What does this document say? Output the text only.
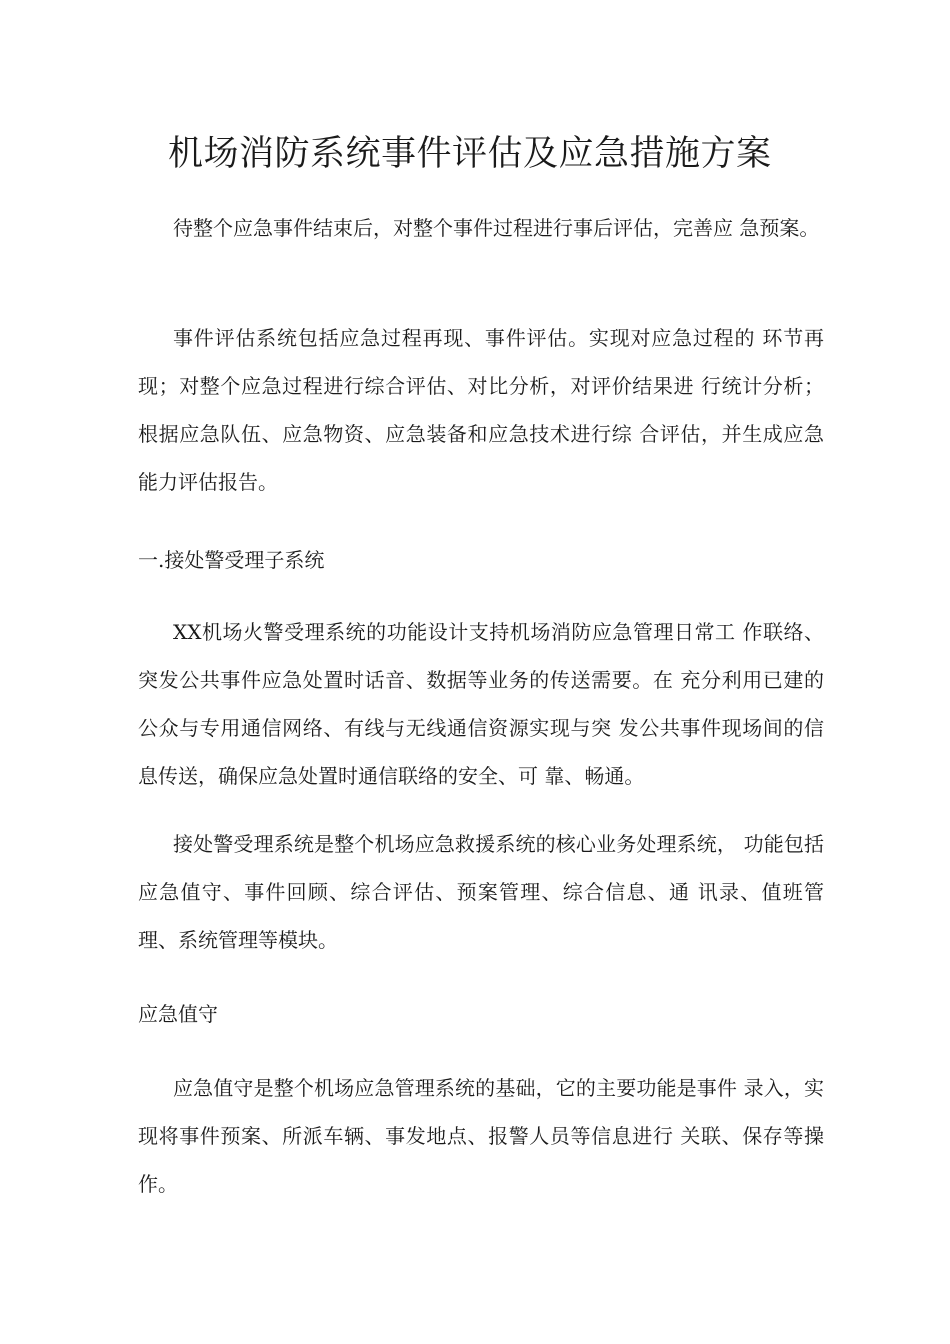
机场消防系统事件评估及应急措施方案

待整个应急事件结束后，对整个事件过程进行事后评估，完善应 急预案。

事件评估系统包括应急过程再现、事件评估。实现对应急过程的 环节再现；对整个应急过程进行综合评估、对比分析，对评价结果进 行统计分析；根据应急队伍、应急物资、应急装备和应急技术进行综 合评估，并生成应急能力评估报告。

一.接处警受理子系统

XX机场火警受理系统的功能设计支持机场消防应急管理日常工 作联络、突发公共事件应急处置时话音、数据等业务的传送需要。在 充分利用已建的公众与专用通信网络、有线与无线通信资源实现与突 发公共事件现场间的信息传送，确保应急处置时通信联络的安全、可 靠、畅通。

接处警受理系统是整个机场应急救援系统的核心业务处理系统， 功能包括应急值守、事件回顾、综合评估、预案管理、综合信息、通 讯录、值班管理、系统管理等模块。

应急值守

应急值守是整个机场应急管理系统的基础，它的主要功能是事件 录入，实现将事件预案、所派车辆、事发地点、报警人员等信息进行 关联、保存等操作。
